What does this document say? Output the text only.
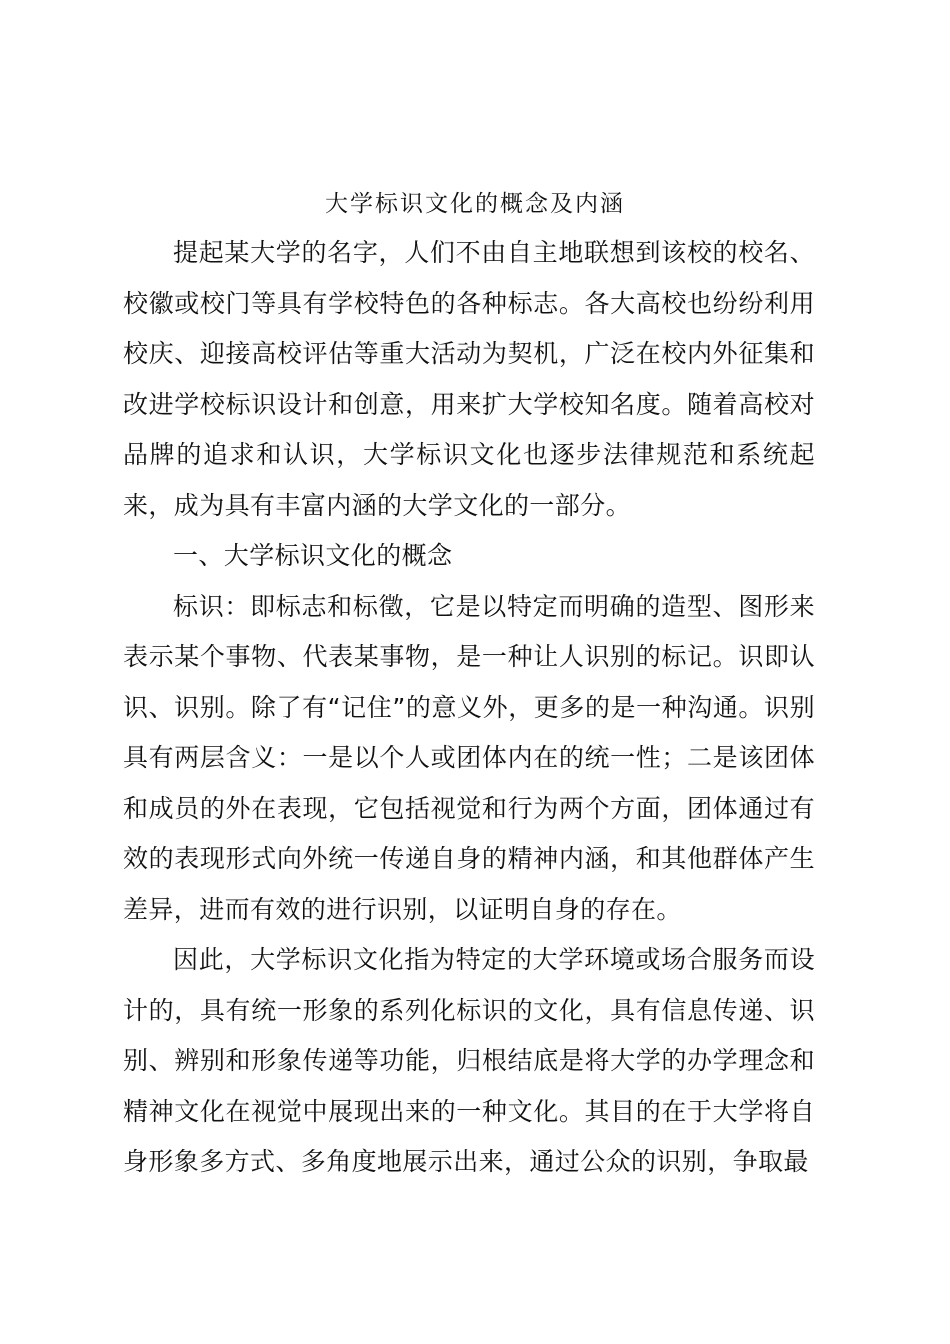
大学标识文化的概念及内涵

提起某大学的名字，人们不由自主地联想到该校的校名、校徽或校门等具有学校特色的各种标志。各大高校也纷纷利用校庆、迎接高校评估等重大活动为契机，广泛在校内外征集和改进学校标识设计和创意，用来扩大学校知名度。随着高校对品牌的追求和认识，大学标识文化也逐步法律规范和系统起来，成为具有丰富内涵的大学文化的一部分。

一、大学标识文化的概念

标识：即标志和标徵，它是以特定而明确的造型、图形来表示某个事物、代表某事物，是一种让人识别的标记。识即认识、识别。除了有“记住”的意义外，更多的是一种沟通。识别具有两层含义：一是以个人或团体内在的统一性；二是该团体和成员的外在表现，它包括视觉和行为两个方面，团体通过有效的表现形式向外统一传递自身的精神内涵，和其他群体产生差异，进而有效的进行识别，以证明自身的存在。

因此，大学标识文化指为特定的大学环境或场合服务而设计的，具有统一形象的系列化标识的文化，具有信息传递、识别、辨别和形象传递等功能，归根结底是将大学的办学理念和精神文化在视觉中展现出来的一种文化。其目的在于大学将自身形象多方式、多角度地展示出来，通过公众的识别，争取最
